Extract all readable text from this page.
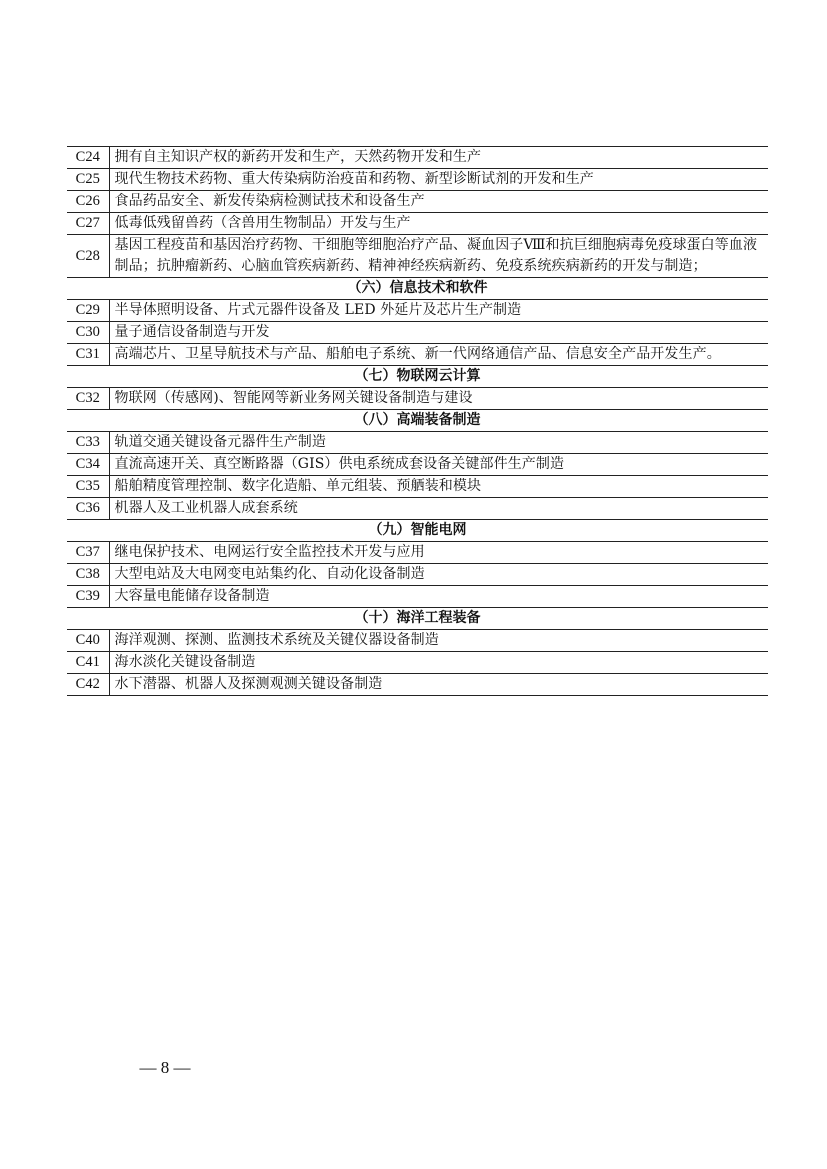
C24	拥有自主知识产权的新药开发和生产，天然药物开发和生产
C25	现代生物技术药物、重大传染病防治疫苗和药物、新型诊断试剂的开发和生产
C26	食品药品安全、新发传染病检测试技术和设备生产
C27	低毒低残留兽药（含兽用生物制品）开发与生产
C28	基因工程疫苗和基因治疗药物、干细胞等细胞治疗产品、凝血因子Ⅷ和抗巨细胞病毒免疫球蛋白等血液制品；抗肿瘤新药、心脑血管疾病新药、精神神经疾病新药、免疫系统疾病新药的开发与制造；
（六）信息技术和软件	
C29	半导体照明设备、片式元器件设备及 LED 外延片及芯片生产制造
C30	量子通信设备制造与开发
C31	高端芯片、卫星导航技术与产品、船舶电子系统、新一代网络通信产品、信息安全产品开发生产。
（七）物联网云计算	
C32	物联网（传感网)、智能网等新业务网关键设备制造与建设
（八）高端装备制造	
C33	轨道交通关键设备元器件生产制造
C34	直流高速开关、真空断路器（GIS）供电系统成套设备关键部件生产制造
C35	船舶精度管理控制、数字化造船、单元组装、预舾装和模块
C36	机器人及工业机器人成套系统
（九）智能电网	
C37	继电保护技术、电网运行安全监控技术开发与应用
C38	大型电站及大电网变电站集约化、自动化设备制造
C39	大容量电能储存设备制造
（十）海洋工程装备	
C40	海洋观测、探测、监测技术系统及关键仪器设备制造
C41	海水淡化关键设备制造
C42	水下潜器、机器人及探测观测关键设备制造
— 8 —
